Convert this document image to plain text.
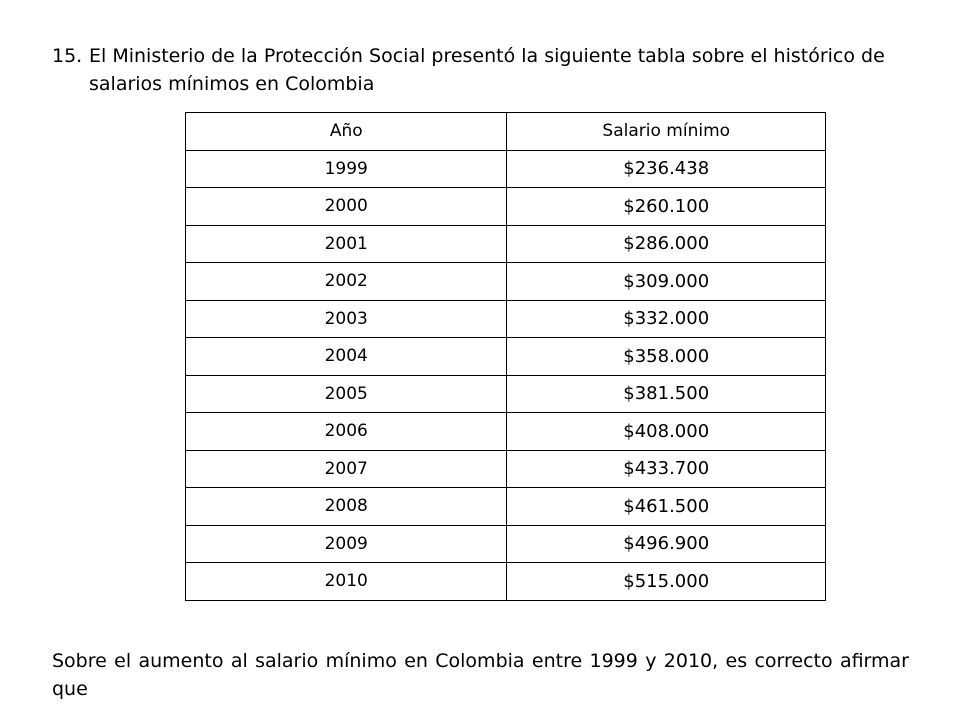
15. El Ministerio de la Protección Social presentó la siguiente tabla sobre el histórico de salarios mínimos en Colombia
Año	Salario mínimo
1999	$236.438
2000	$260.100
2001	$286.000
2002	$309.000
2003	$332.000
2004	$358.000
2005	$381.500
2006	$408.000
2007	$433.700
2008	$461.500
2009	$496.900
2010	$515.000
Sobre el aumento al salario mínimo en Colombia entre 1999 y 2010, es correcto afirmar que
